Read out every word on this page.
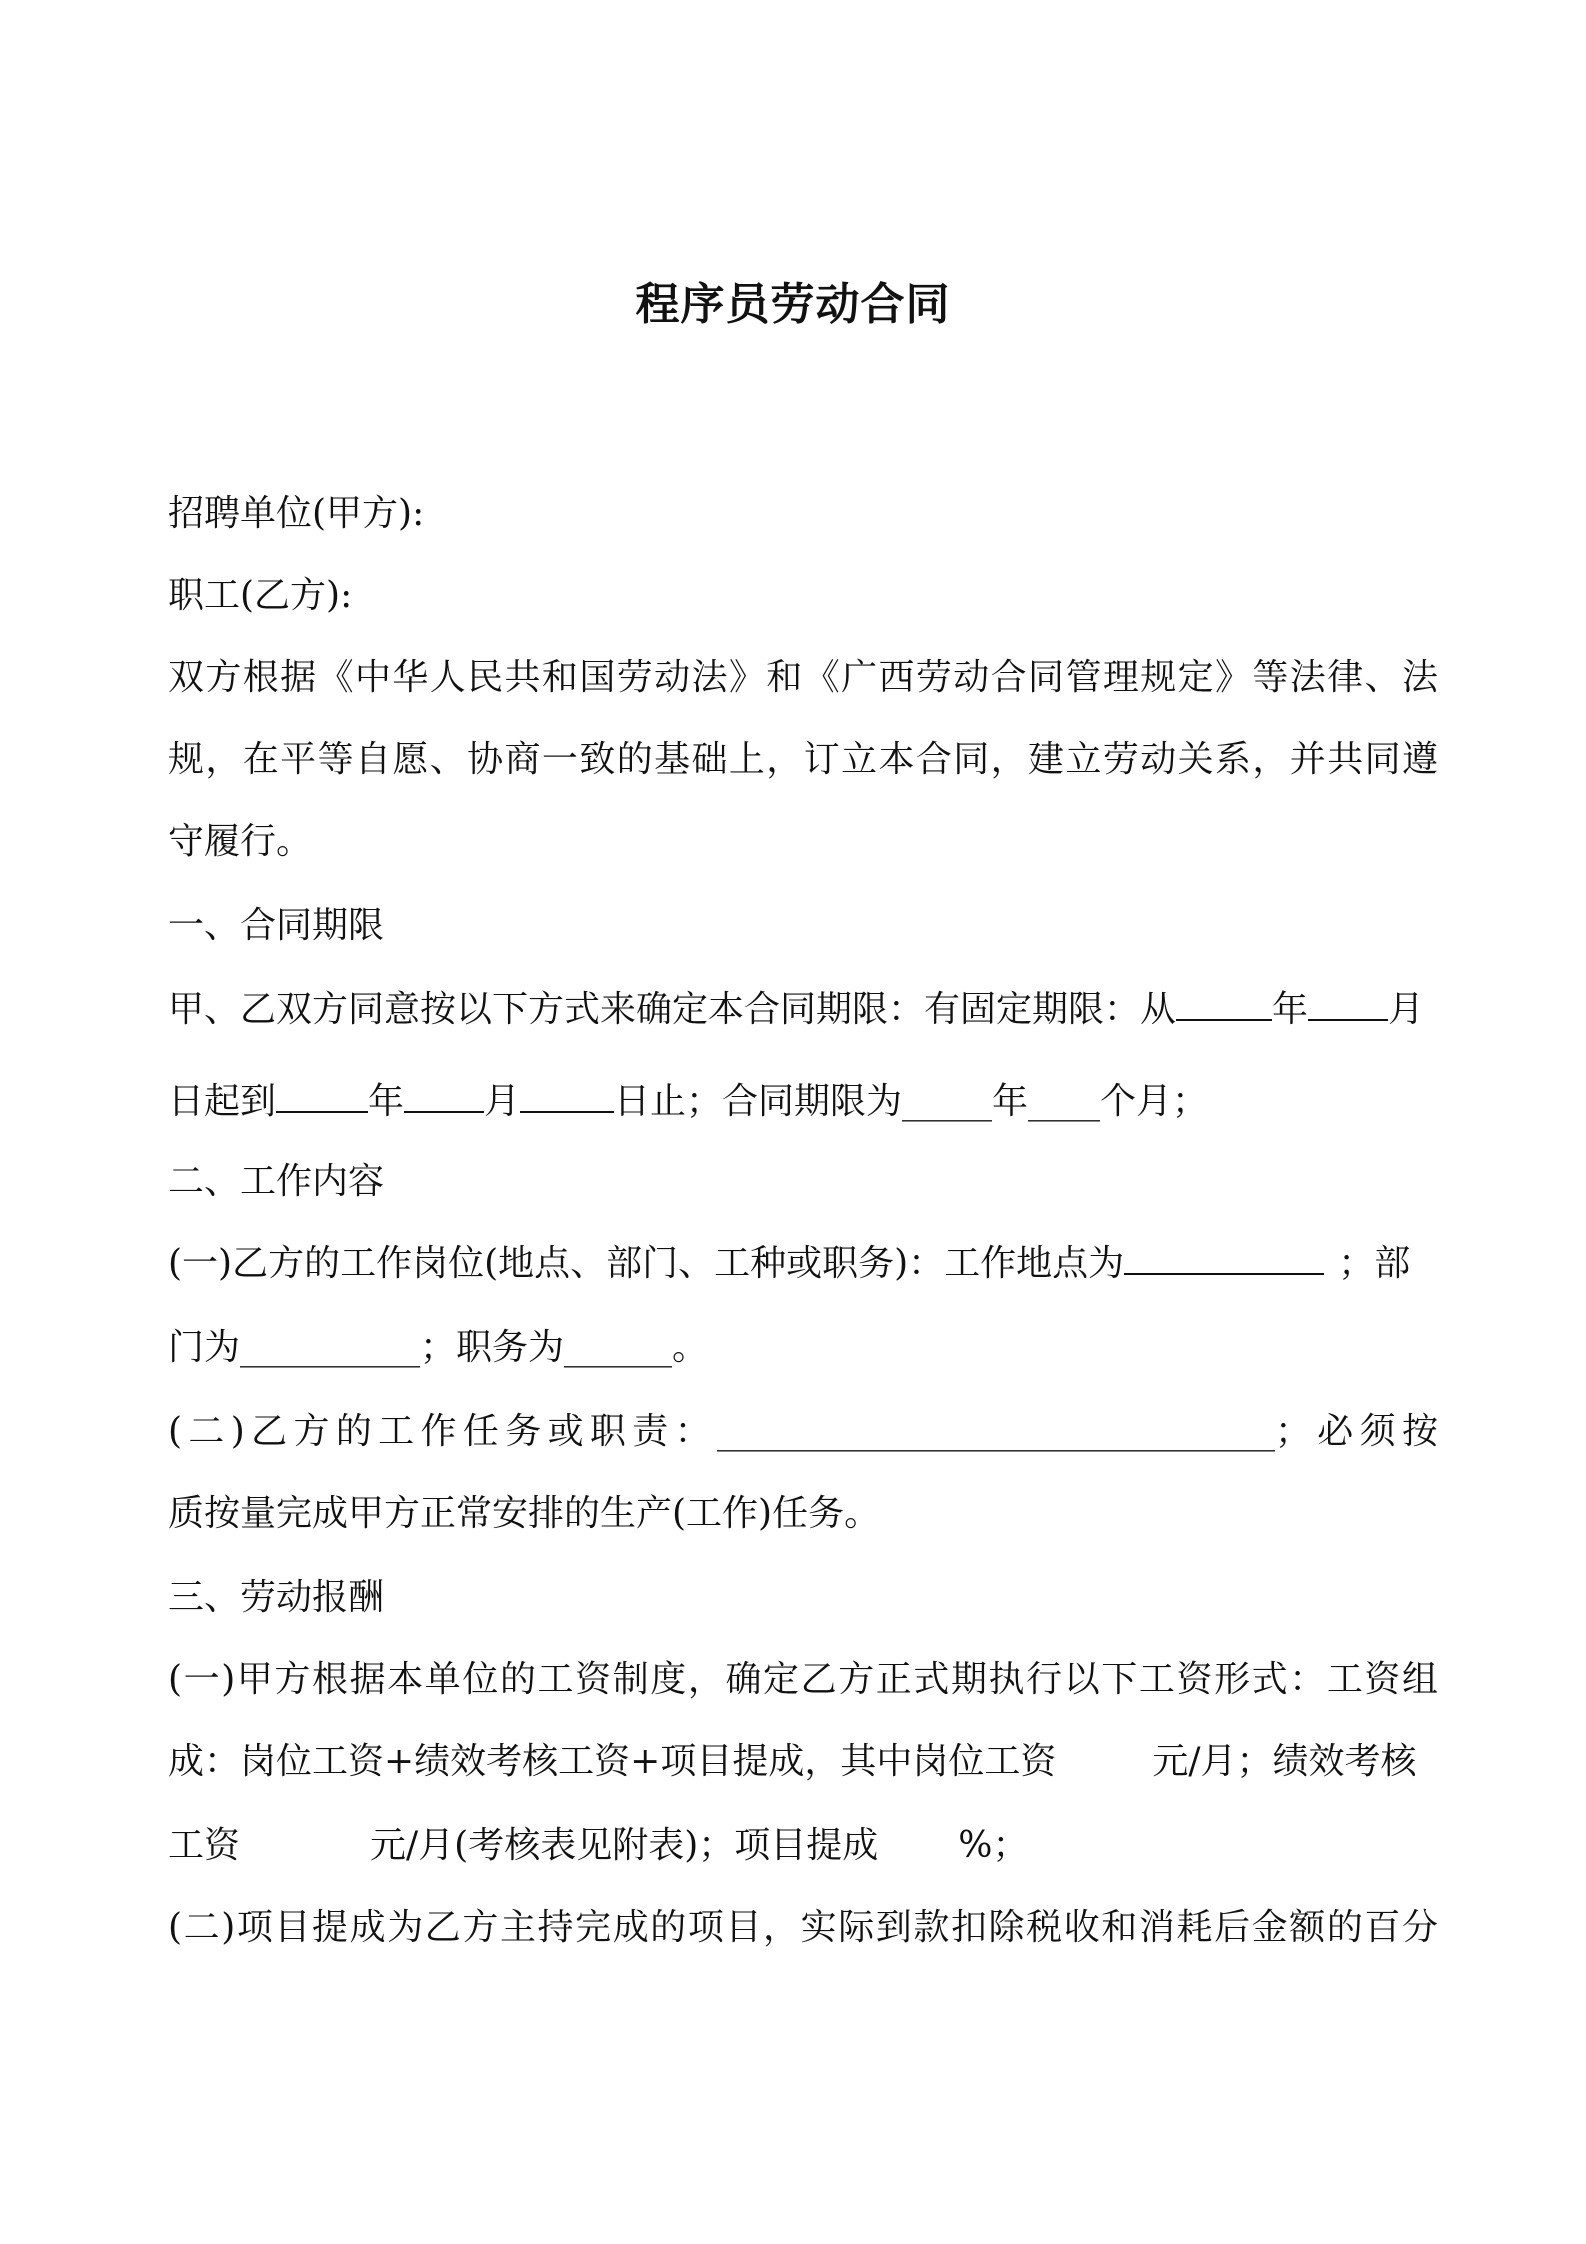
程序员劳动合同
招聘单位(甲方):
职工(乙方):
双方根据《中华人民共和国劳动法》和《广西劳动合同管理规定》等法律、法
规，在平等自愿、协商一致的基础上，订立本合同，建立劳动关系，并共同遵
守履行。
一、合同期限
甲、乙双方同意按以下方式来确定本合同期限：有固定期限：从	年 月
日起到	年 月	日止；合同期限为_____年____个月；
二、工作内容
(一)乙方的工作岗位(地点、部门、工种或职务)：工作地点为	；部
门为__________；职务为______。
(二)乙方的工作任务或职责：_______________________________；必须按
质按量完成甲方正常安排的生产(工作)任务。
三、劳动报酬
(一)甲方根据本单位的工资制度，确定乙方正式期执行以下工资形式：工资组
成：岗位工资+绩效考核工资+项目提成，其中岗位工资	元/月；绩效考核
工资	元/月(考核表见附表)；项目提成 %；
(二)项目提成为乙方主持完成的项目，实际到款扣除税收和消耗后金额的百分
